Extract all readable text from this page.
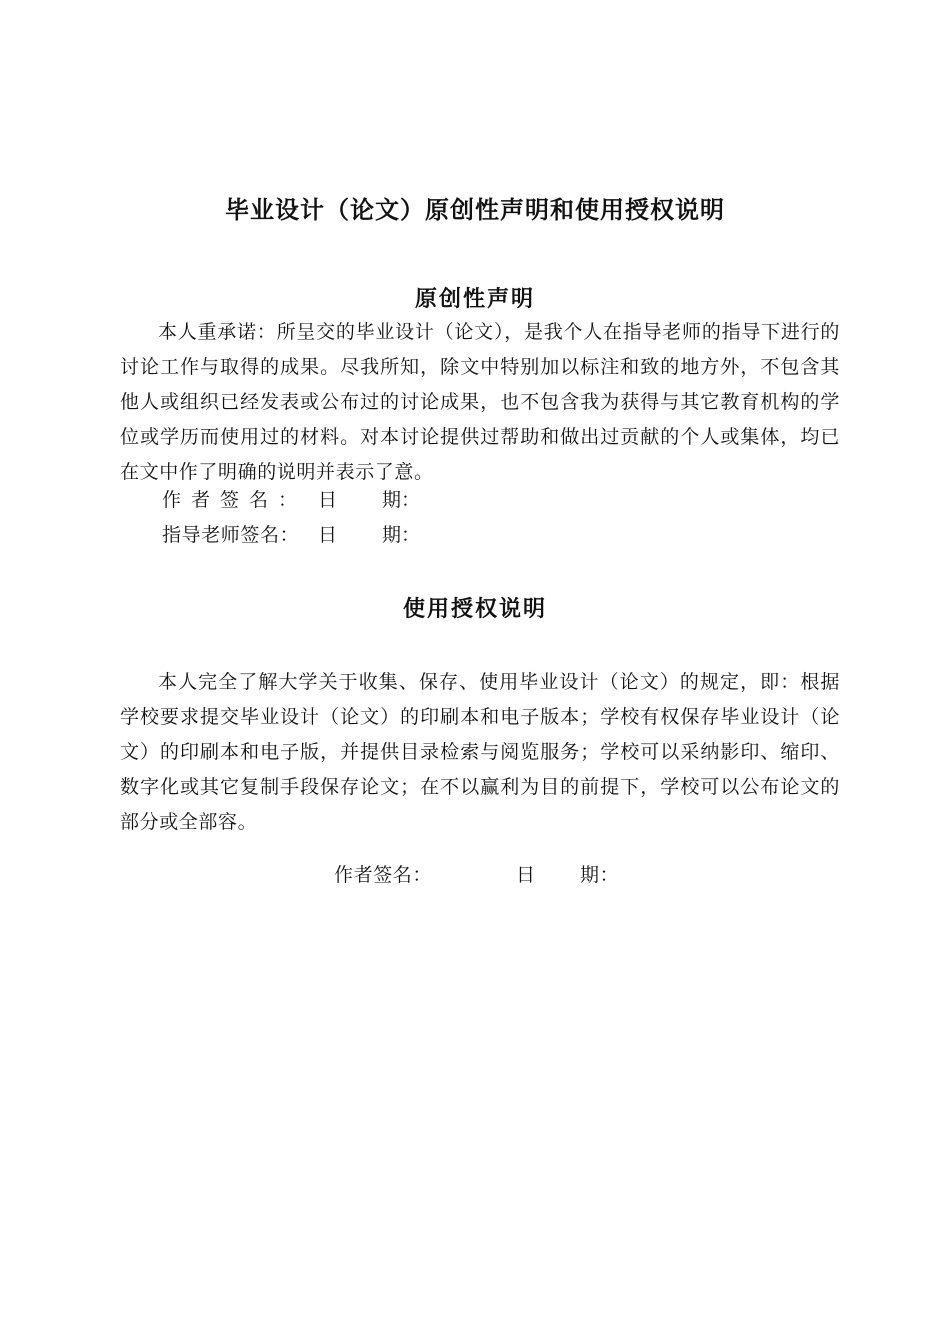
毕业设计（论文）原创性声明和使用授权说明
原创性声明

本人重承诺：所呈交的毕业设计（论文），是我个人在指导老师的指导下进行的讨论工作与取得的成果。尽我所知，除文中特别加以标注和致的地方外，不包含其他人或组织已经发表或公布过的讨论成果，也不包含我为获得与其它教育机构的学位或学历而使用过的材料。对本讨论提供过帮助和做出过贡献的个人或集体，均已在文中作了明确的说明并表示了意。

作者签名： 日 期：
指导老师签名： 日 期：
使用授权说明

本人完全了解大学关于收集、保存、使用毕业设计（论文）的规定，即：根据学校要求提交毕业设计（论文）的印刷本和电子版本；学校有权保存毕业设计（论文）的印刷本和电子版，并提供目录检索与阅览服务；学校可以采纳影印、缩印、数字化或其它复制手段保存论文；在不以赢利为目的前提下，学校可以公布论文的部分或全部容。

作者签名：	日 期：
